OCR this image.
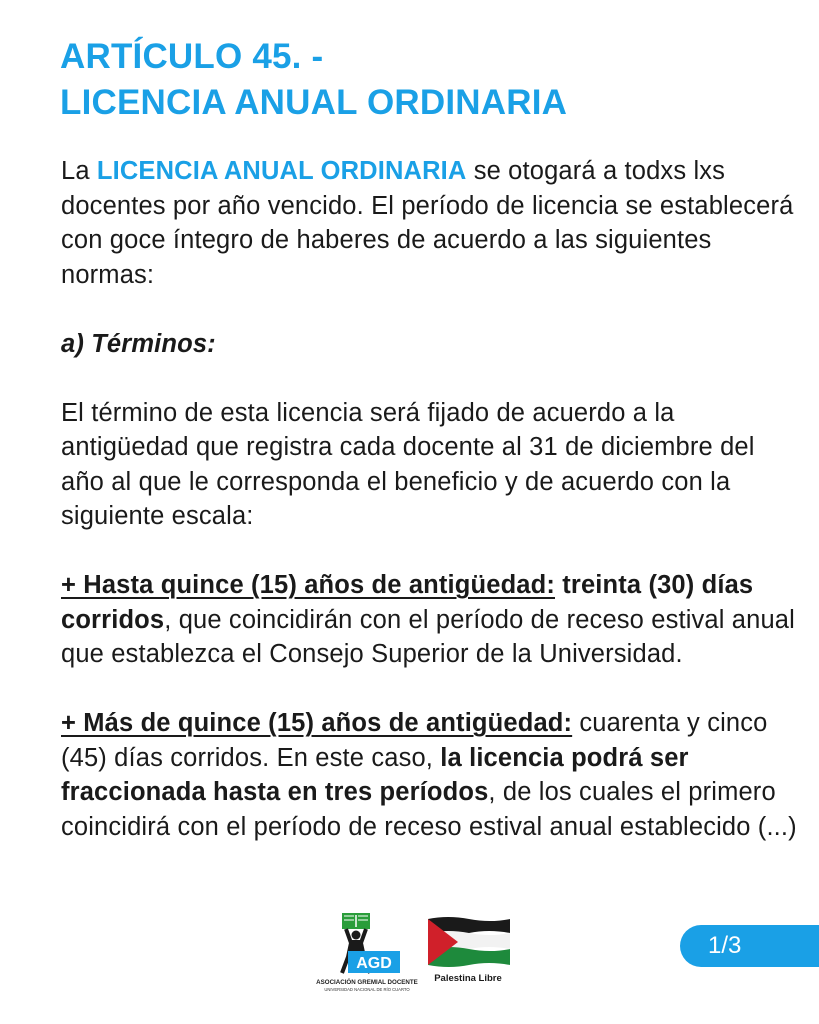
ARTÍCULO 45. -
LICENCIA ANUAL ORDINARIA

La LICENCIA ANUAL ORDINARIA se otogará a todxs lxs docentes por año vencido. El período de licencia se establecerá con goce íntegro de haberes de acuerdo a las siguientes normas:

a) Términos:

El término de esta licencia será fijado de acuerdo a la antigüedad que registra cada docente al 31 de diciembre del año al que le corresponda el beneficio y de acuerdo con la siguiente escala:

+ Hasta quince (15) años de antigüedad: treinta (30) días corridos, que coincidirán con el período de receso estival anual que establezca el Consejo Superior de la Universidad.

+ Más de quince (15) años de antigüedad: cuarenta y cinco (45) días corridos. En este caso, la licencia podrá ser fraccionada hasta en tres períodos, de los cuales el primero coincidirá con el período de receso estival anual establecido (...)

AGD
ASOCIACIÓN GREMIAL DOCENTE
UNIVERSIDAD NACIONAL DE RÍO CUARTO
Palestina Libre
1/3
